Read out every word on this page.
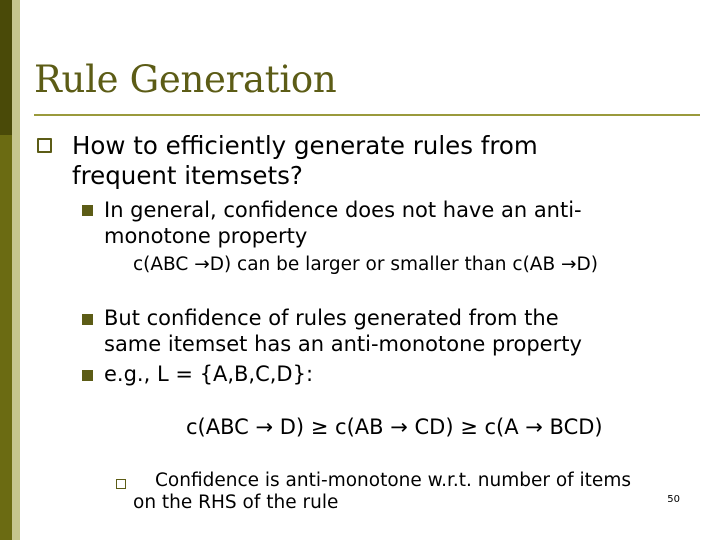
Rule Generation

How to efficiently generate rules from

frequent itemsets?

In general, confidence does not have an anti-

monotone property

c(ABC →D) can be larger or smaller than c(AB →D)

But confidence of rules generated from the

same itemset has an anti-monotone property

e.g., L = {A,B,C,D}:

c(ABC → D) ≥ c(AB → CD) ≥ c(A → BCD)

Confidence is anti-monotone w.r.t. number of items

on the RHS of the rule	50
